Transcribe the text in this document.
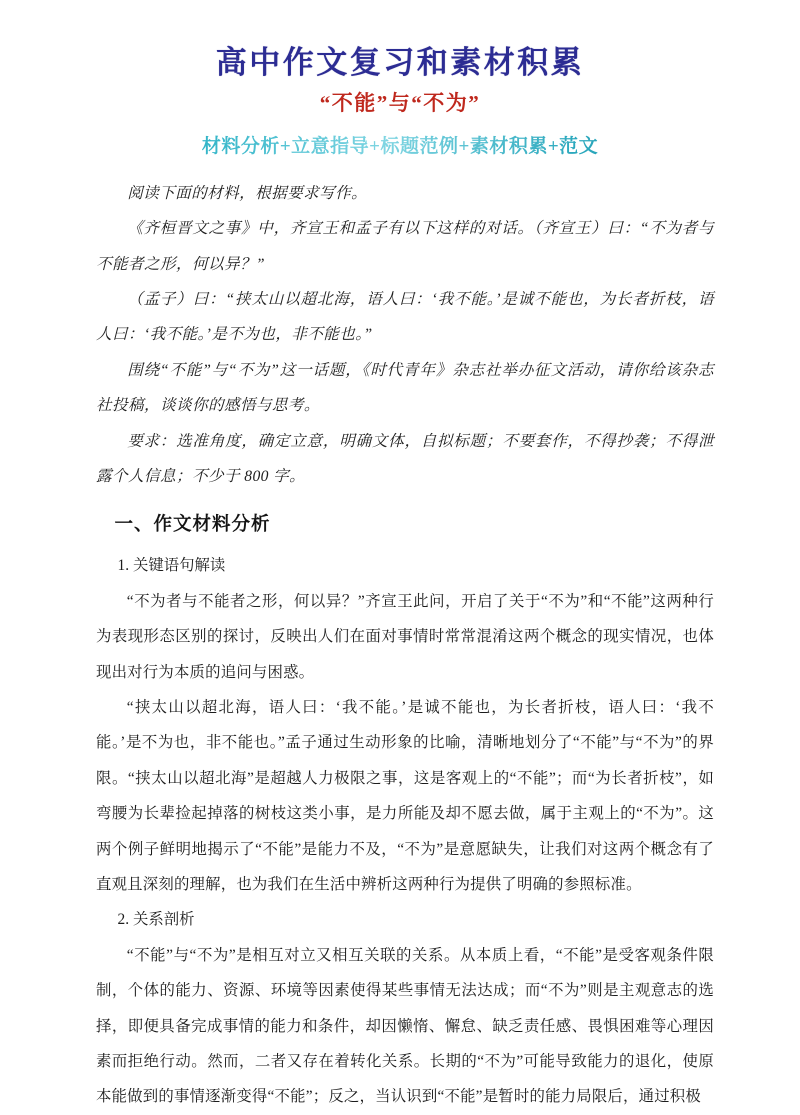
高中作文复习和素材积累
“不能”与“不为”
材料分析+立意指导+标题范例+素材积累+范文

阅读下面的材料，根据要求写作。

《齐桓晋文之事》中，齐宣王和孟子有以下这样的对话。（齐宣王）曰：“不为者与不能者之形，何以异？”

（孟子）曰：“挟太山以超北海，语人曰：‘我不能。’是诚不能也，为长者折枝，语人曰：‘我不能。’是不为也，非不能也。”

围绕“不能”与“不为”这一话题，《时代青年》杂志社举办征文活动，请你给该杂志社投稿，谈谈你的感悟与思考。

要求：选准角度，确定立意，明确文体，自拟标题；不要套作，不得抄袭；不得泄露个人信息；不少于 800 字。

一、作文材料分析
1. 关键语句解读

“不为者与不能者之形，何以异？”齐宣王此问，开启了关于“不为”和“不能”这两种行为表现形态区别的探讨，反映出人们在面对事情时常常混淆这两个概念的现实情况，也体现出对行为本质的追问与困惑。

“挟太山以超北海，语人曰：‘我不能。’是诚不能也，为长者折枝，语人曰：‘我不能。’是不为也，非不能也。”孟子通过生动形象的比喻，清晰地划分了“不能”与“不为”的界限。“挟太山以超北海”是超越人力极限之事，这是客观上的“不能”；而“为长者折枝”，如弯腰为长辈捡起掉落的树枝这类小事，是力所能及却不愿去做，属于主观上的“不为”。这两个例子鲜明地揭示了“不能”是能力不及，“不为”是意愿缺失，让我们对这两个概念有了直观且深刻的理解，也为我们在生活中辨析这两种行为提供了明确的参照标准。

2. 关系剖析

“不能”与“不为”是相互对立又相互关联的关系。从本质上看，“不能”是受客观条件限制，个体的能力、资源、环境等因素使得某些事情无法达成；而“不为”则是主观意志的选择，即便具备完成事情的能力和条件，却因懒惰、懈怠、缺乏责任感、畏惧困难等心理因素而拒绝行动。然而，二者又存在着转化关系。长期的“不为”可能导致能力的退化，使原本能做到的事情逐渐变得“不能”；反之，当认识到“不能”是暂时的能力局限后，通过积极
